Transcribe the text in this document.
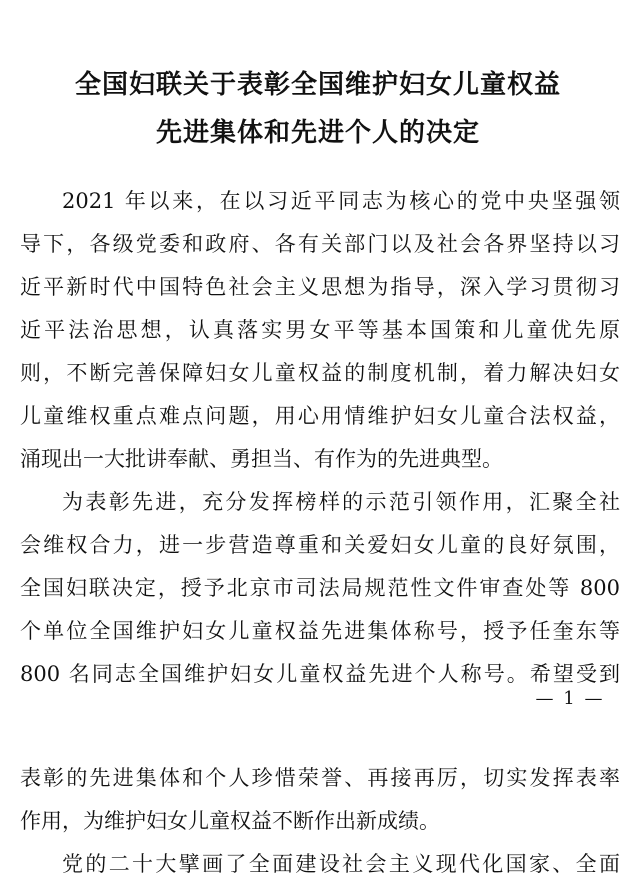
全国妇联关于表彰全国维护妇女儿童权益
先进集体和先进个人的决定
2021 年以来，在以习近平同志为核心的党中央坚强领
导下，各级党委和政府、各有关部门以及社会各界坚持以习
近平新时代中国特色社会主义思想为指导，深入学习贯彻习
近平法治思想，认真落实男女平等基本国策和儿童优先原
则，不断完善保障妇女儿童权益的制度机制，着力解决妇女
儿童维权重点难点问题，用心用情维护妇女儿童合法权益，
涌现出一大批讲奉献、勇担当、有作为的先进典型。
为表彰先进，充分发挥榜样的示范引领作用，汇聚全社
会维权合力，进一步营造尊重和关爱妇女儿童的良好氛围，
全国妇联决定，授予北京市司法局规范性文件审查处等 800
个单位全国维护妇女儿童权益先进集体称号，授予任奎东等
800 名同志全国维护妇女儿童权益先进个人称号。希望受到
— 1 —
表彰的先进集体和个人珍惜荣誉、再接再厉，切实发挥表率
作用，为维护妇女儿童权益不断作出新成绩。
党的二十大擘画了全面建设社会主义现代化国家、全面
